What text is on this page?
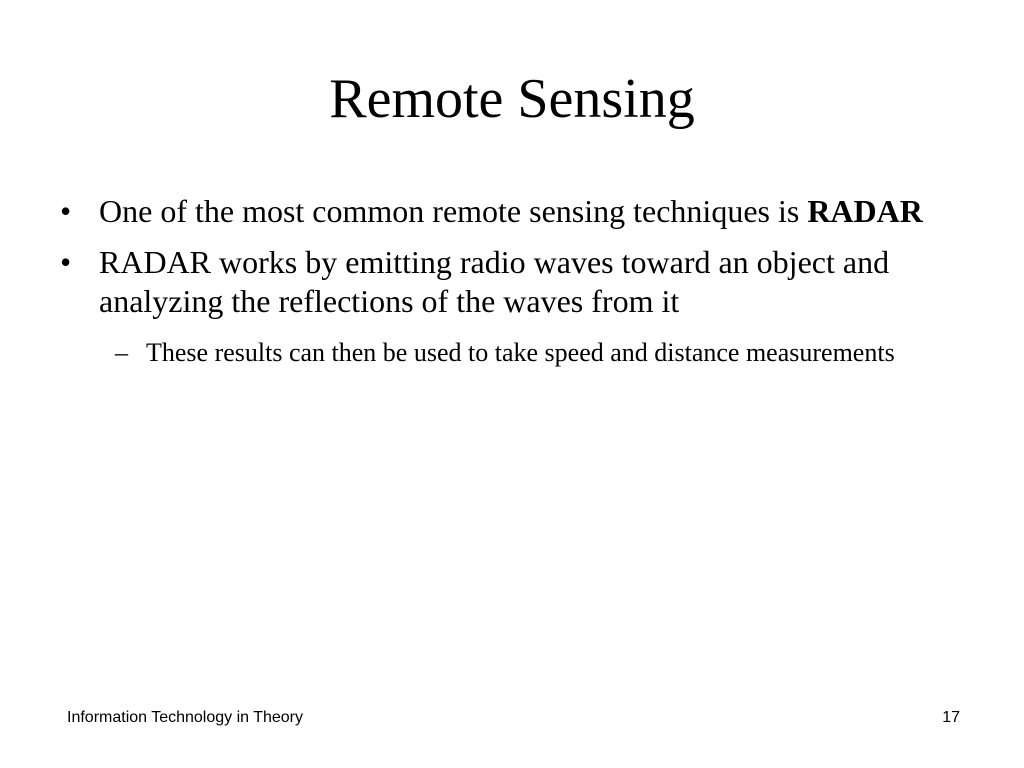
Remote Sensing
• One of the most common remote sensing techniques is RADAR
• RADAR works by emitting radio waves toward an object and analyzing the reflections of the waves from it
– These results can then be used to take speed and distance measurements
Information Technology in Theory	17
